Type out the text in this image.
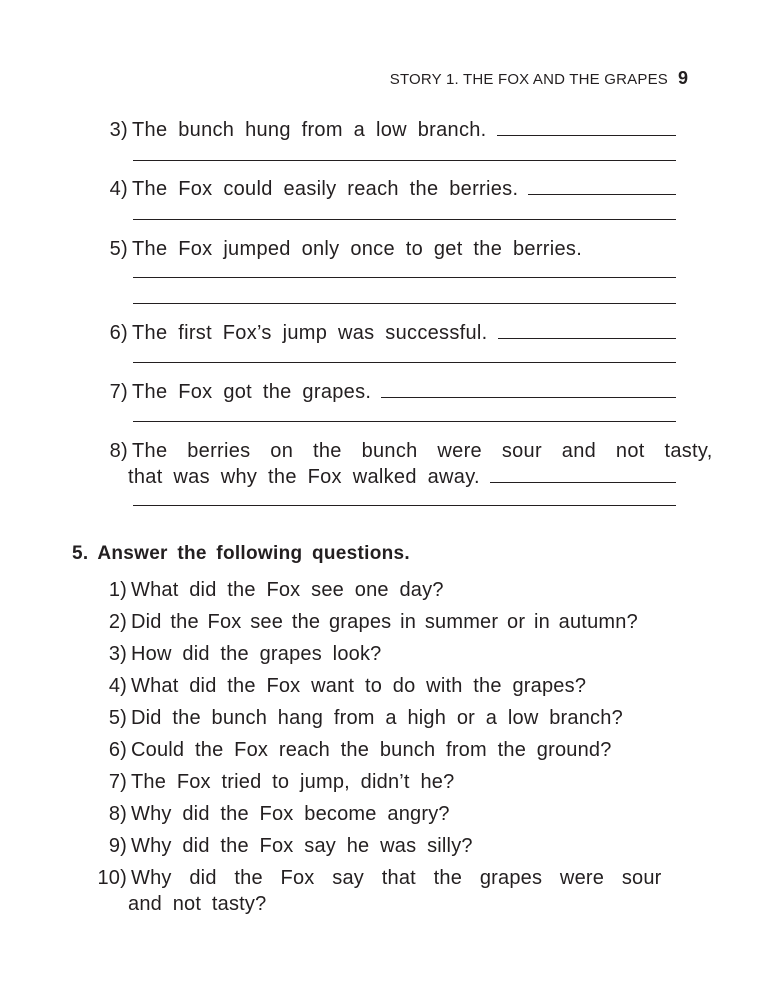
STORY 1. THE FOX AND THE GRAPES 9
3) The bunch hung from a low branch.
4) The Fox could easily reach the berries.
5) The Fox jumped only once to get the berries.
6) The first Fox’s jump was successful.
7) The Fox got the grapes.
8) The berries on the bunch were sour and not tasty,
that was why the Fox walked away.
5. Answer the following questions.
1) What did the Fox see one day?
2) Did the Fox see the grapes in summer or in autumn?
3) How did the grapes look?
4) What did the Fox want to do with the grapes?
5) Did the bunch hang from a high or a low branch?
6) Could the Fox reach the bunch from the ground?
7) The Fox tried to jump, didn’t he?
8) Why did the Fox become angry?
9) Why did the Fox say he was silly?
10) Why did the Fox say that the grapes were sour
and not tasty?
